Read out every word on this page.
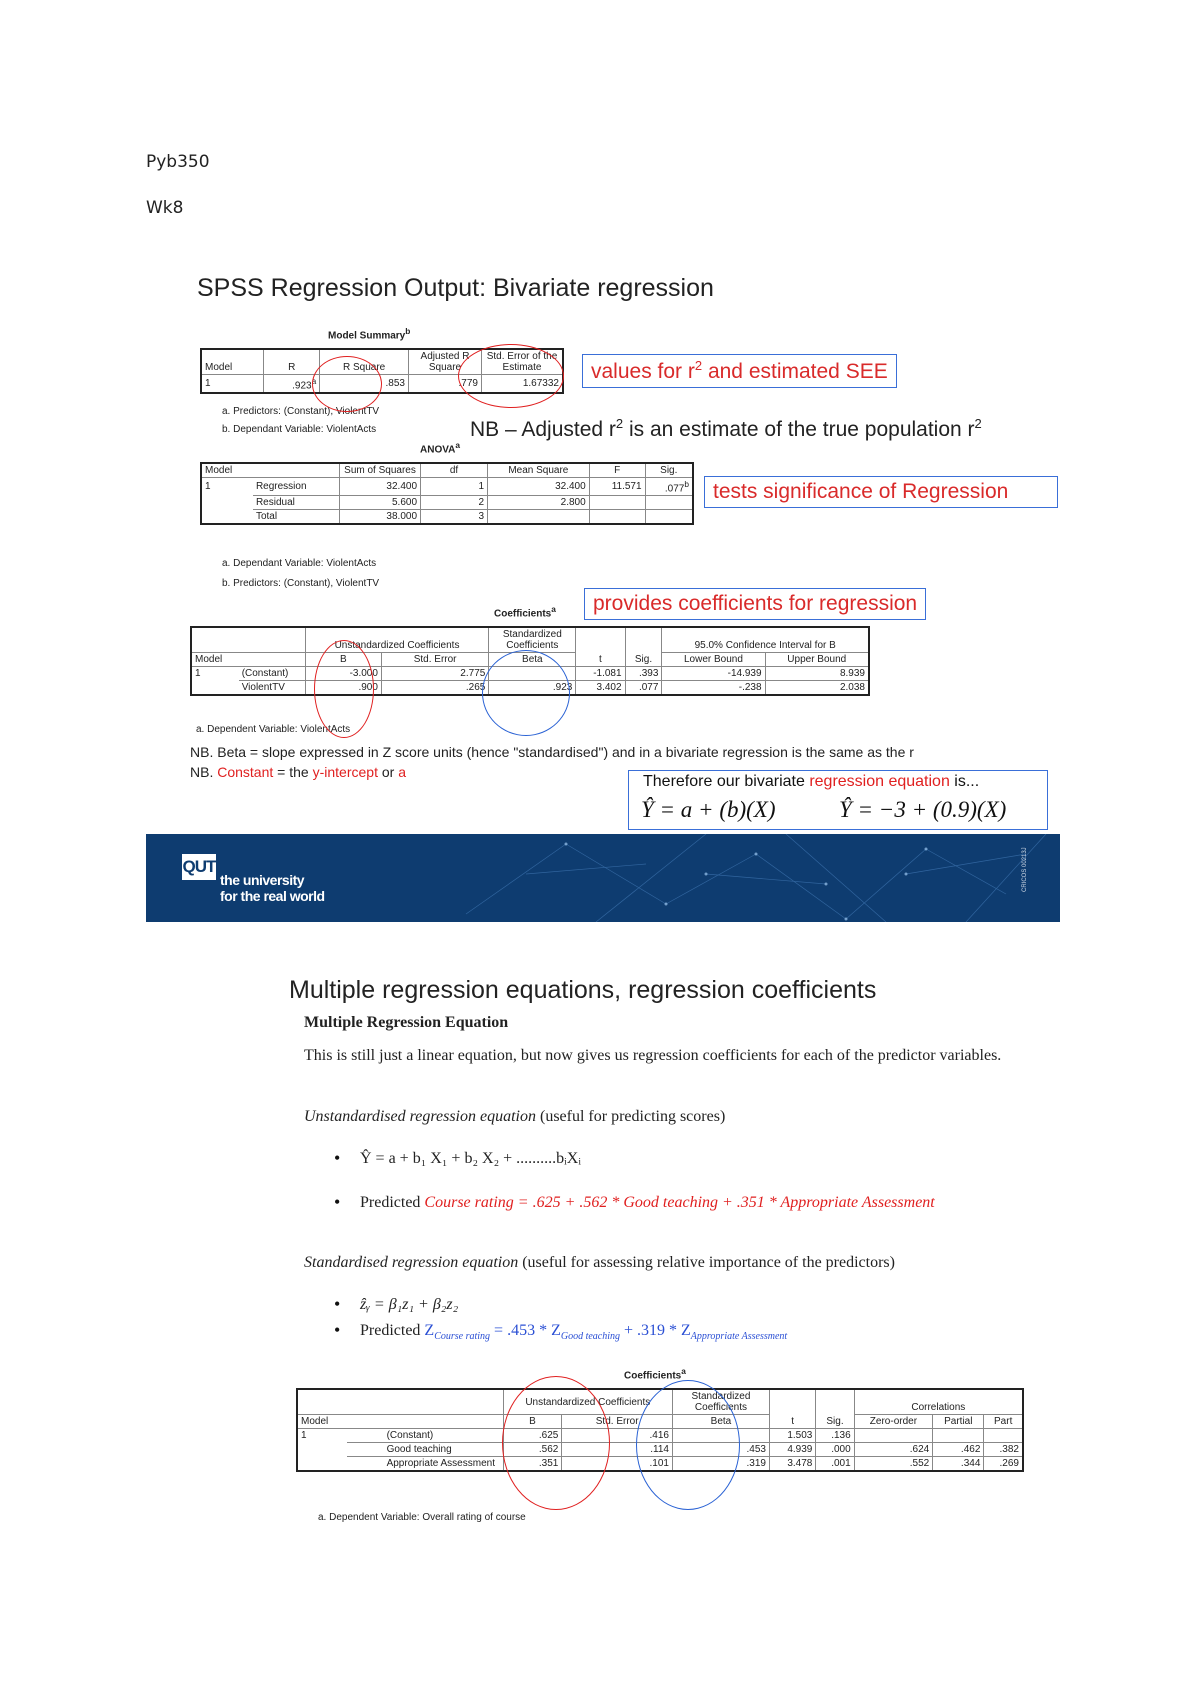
Pyb350
Wk8
SPSS Regression Output: Bivariate regression
Model Summary$^b$
Model	R	R Square	Adjusted R Square	Std. Error of the Estimate
1	.923$^a$	.853	.779	1.67332
a. Predictors: (Constant), ViolentTV
b. Dependant Variable: ViolentActs
values for $r^2$ and estimated SEE
NB – Adjusted $r^2$ is an estimate of the true population $r^2$
ANOVA$^a$
Model		Sum of Squares	df	Mean Square	F	Sig.
1	Regression	32.400	1	32.400	11.571	.077$^b$
	Residual	5.600	2	2.800		
	Total	38.000	3			
a. Dependant Variable: ViolentActs
b. Predictors: (Constant), ViolentTV
tests significance of Regression
provides coefficients for regression
Coefficients$^a$
		Unstandardized Coefficients		Standardized Coefficients			95.0% Confidence Interval for B	
Model		B	Std. Error	Beta	t	Sig.	Lower Bound	Upper Bound
1	(Constant)	-3.000	2.775		-1.081	.393	-14.939	8.939
	ViolentTV	.900	.265	.923	3.402	.077	-.238	2.038
a. Dependent Variable: ViolentActs
NB. Beta = slope expressed in Z score units (hence "standardised") and in a bivariate regression is the same as the r
NB. Constant = the y-intercept or a
Therefore our bivariate regression equation is...
Ŷ = a + (b)(X)	Ŷ = −3 + (0.9)(X)
QUT
the university
for the real world
CRICOS 00213J
Multiple regression equations, regression coefficients
Multiple Regression Equation
This is still just a linear equation, but now gives us regression coefficients for each of the predictor variables.
Unstandardised regression equation (useful for predicting scores)
• Ŷ = a + b₁ X₁ + b₂ X₂ + ..........bᵢXᵢ
• Predicted Course rating = .625 + .562 * Good teaching + .351 * Appropriate Assessment
Standardised regression equation (useful for assessing relative importance of the predictors)
• ẑᵧ = β₁z₁ + β₂z₂
• Predicted $Z_{Course rating} = .453 * Z_{Good teaching} + .319 * Z_{Appropriate Assessment}$
Coefficients$^a$
		Unstandardized Coefficients		Standardized Coefficients			Correlations		
Model		B	Std. Error	Beta	t	Sig.	Zero-order	Partial	Part
1	(Constant)	.625	.416		1.503	.136			
	Good teaching	.562	.114	.453	4.939	.000	.624	.462	.382
	Appropriate Assessment	.351	.101	.319	3.478	.001	.552	.344	.269
a. Dependent Variable: Overall rating of course
